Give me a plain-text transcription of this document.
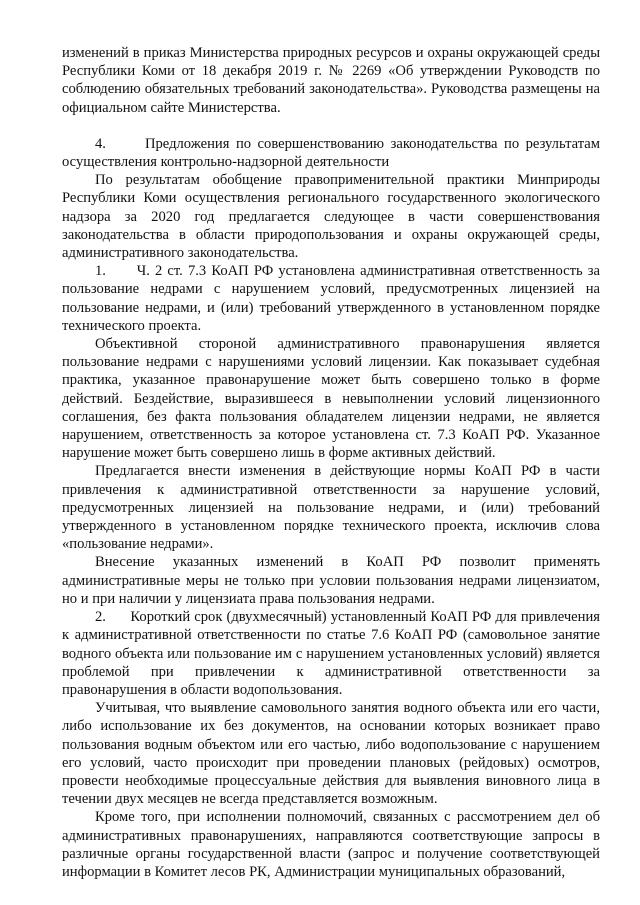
изменений в приказ Министерства природных ресурсов и охраны окружающей среды Республики Коми от 18 декабря 2019 г. № 2269 «Об утверждении Руководств по соблюдению обязательных требований законодательства». Руководства размещены на официальном сайте Министерства.

4.      Предложения по совершенствованию законодательства по результатам осуществления контрольно-надзорной деятельности

По результатам обобщение правоприменительной практики Минприроды Республики Коми осуществления регионального государственного экологического надзора за 2020 год предлагается следующее в части совершенствования законодательства в области природопользования и охраны окружающей среды, административного законодательства.

1.      Ч. 2 ст. 7.3 КоАП РФ установлена административная ответственность за пользование недрами с нарушением условий, предусмотренных лицензией на пользование недрами, и (или) требований утвержденного в установленном порядке технического проекта.

Объективной стороной административного правонарушения является пользование недрами с нарушениями условий лицензии. Как показывает судебная практика, указанное правонарушение может быть совершено только в форме действий. Бездействие, выразившееся в невыполнении условий лицензионного соглашения, без факта пользования обладателем лицензии недрами, не является нарушением, ответственность за которое установлена ст. 7.3 КоАП РФ. Указанное нарушение может быть совершено лишь в форме активных действий.

Предлагается внести изменения в действующие нормы КоАП РФ в части привлечения к административной ответственности за нарушение условий, предусмотренных лицензией на пользование недрами, и (или) требований утвержденного в установленном порядке технического проекта, исключив слова «пользование недрами».

Внесение указанных изменений в КоАП РФ позволит применять административные меры не только при условии пользования недрами лицензиатом, но и при наличии у лицензиата права пользования недрами.

2.      Короткий срок (двухмесячный) установленный КоАП РФ для привлечения к административной ответственности по статье 7.6 КоАП РФ (самовольное занятие водного объекта или пользование им с нарушением установленных условий) является проблемой при привлечении к административной ответственности за правонарушения в области водопользования.

Учитывая, что выявление самовольного занятия водного объекта или его части, либо использование их без документов, на основании которых возникает право пользования водным объектом или его частью, либо водопользование с нарушением его условий, часто происходит при проведении плановых (рейдовых) осмотров, провести необходимые процессуальные действия для выявления виновного лица в течении двух месяцев не всегда представляется возможным.

Кроме того, при исполнении полномочий, связанных с рассмотрением дел об административных правонарушениях, направляются соответствующие запросы в различные органы государственной власти (запрос и получение соответствующей информации в Комитет лесов РК, Администрации муниципальных образований,
